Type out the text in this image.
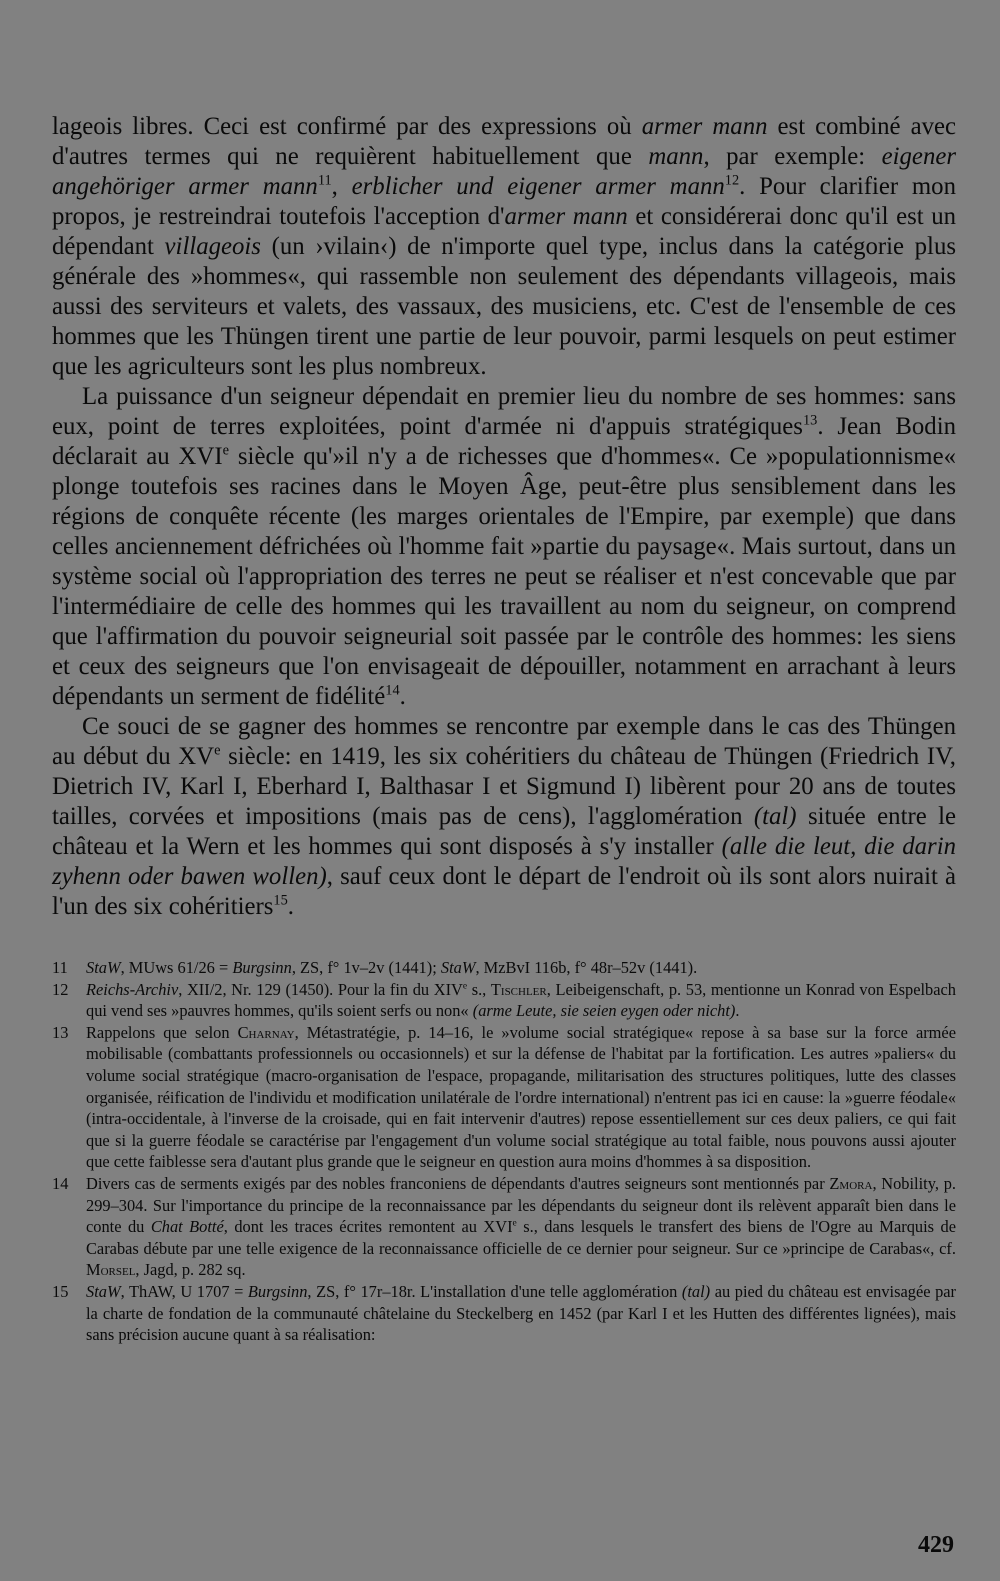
lageois libres. Ceci est confirmé par des expressions où armer mann est combiné avec d'autres termes qui ne requièrent habituellement que mann, par exemple: eigener angehöriger armer mann$^{11}$, erblicher und eigener armer mann$^{12}$. Pour clarifier mon propos, je restreindrai toutefois l'acception d'armer mann et considérerai donc qu'il est un dépendant villageois (un ›vilain‹) de n'importe quel type, inclus dans la catégorie plus générale des »hommes«, qui rassemble non seulement des dépendants villageois, mais aussi des serviteurs et valets, des vassaux, des musiciens, etc. C'est de l'ensemble de ces hommes que les Thüngen tirent une partie de leur pouvoir, parmi lesquels on peut estimer que les agriculteurs sont les plus nombreux.

La puissance d'un seigneur dépendait en premier lieu du nombre de ses hommes: sans eux, point de terres exploitées, point d'armée ni d'appuis stratégiques$^{13}$. Jean Bodin déclarait au XVIe siècle qu'»il n'y a de richesses que d'hommes«. Ce »populationnisme« plonge toutefois ses racines dans le Moyen Âge, peut-être plus sensiblement dans les régions de conquête récente (les marges orientales de l'Empire, par exemple) que dans celles anciennement défrichées où l'homme fait »partie du paysage«. Mais surtout, dans un système social où l'appropriation des terres ne peut se réaliser et n'est concevable que par l'intermédiaire de celle des hommes qui les travaillent au nom du seigneur, on comprend que l'affirmation du pouvoir seigneurial soit passée par le contrôle des hommes: les siens et ceux des seigneurs que l'on envisageait de dépouiller, notamment en arrachant à leurs dépendants un serment de fidélité$^{14}$.

Ce souci de se gagner des hommes se rencontre par exemple dans le cas des Thüngen au début du XVe siècle: en 1419, les six cohéritiers du château de Thüngen (Friedrich IV, Dietrich IV, Karl I, Eberhard I, Balthasar I et Sigmund I) libèrent pour 20 ans de toutes tailles, corvées et impositions (mais pas de cens), l'agglomération (tal) située entre le château et la Wern et les hommes qui sont disposés à s'y installer (alle die leut, die darin zyhenn oder bawen wollen), sauf ceux dont le départ de l'endroit où ils sont alors nuirait à l'un des six cohéritiers$^{15}$.

11	StaW, MUws 61/26 = Burgsinn, ZS, f° 1v–2v (1441); StaW, MzBvI 116b, f° 48r–52v (1441).
12	Reichs-Archiv, XII/2, Nr. 129 (1450). Pour la fin du XIVe s., Tischler, Leibeigenschaft, p. 53, mentionne un Konrad von Espelbach qui vend ses »pauvres hommes, qu'ils soient serfs ou non« (arme Leute, sie seien eygen oder nicht).
13	Rappelons que selon Charnay, Métastratégie, p. 14–16, le »volume social stratégique« repose à sa base sur la force armée mobilisable (combattants professionnels ou occasionnels) et sur la défense de l'habitat par la fortification. Les autres »paliers« du volume social stratégique (macro-organisation de l'espace, propagande, militarisation des structures politiques, lutte des classes organisée, réification de l'individu et modification unilatérale de l'ordre international) n'entrent pas ici en cause: la »guerre féodale« (intra-occidentale, à l'inverse de la croisade, qui en fait intervenir d'autres) repose essentiellement sur ces deux paliers, ce qui fait que si la guerre féodale se caractérise par l'engagement d'un volume social stratégique au total faible, nous pouvons aussi ajouter que cette faiblesse sera d'autant plus grande que le seigneur en question aura moins d'hommes à sa disposition.
14	Divers cas de serments exigés par des nobles franconiens de dépendants d'autres seigneurs sont mentionnés par Zmora, Nobility, p. 299–304. Sur l'importance du principe de la reconnaissance par les dépendants du seigneur dont ils relèvent apparaît bien dans le conte du Chat Botté, dont les traces écrites remontent au XVIe s., dans lesquels le transfert des biens de l'Ogre au Marquis de Carabas débute par une telle exigence de la reconnaissance officielle de ce dernier pour seigneur. Sur ce »principe de Carabas«, cf. Morsel, Jagd, p. 282 sq.
15	StaW, ThAW, U 1707 = Burgsinn, ZS, f° 17r–18r. L'installation d'une telle agglomération (tal) au pied du château est envisagée par la charte de fondation de la communauté châtelaine du Steckelberg en 1452 (par Karl I et les Hutten des différentes lignées), mais sans précision aucune quant à sa réalisation:
429
